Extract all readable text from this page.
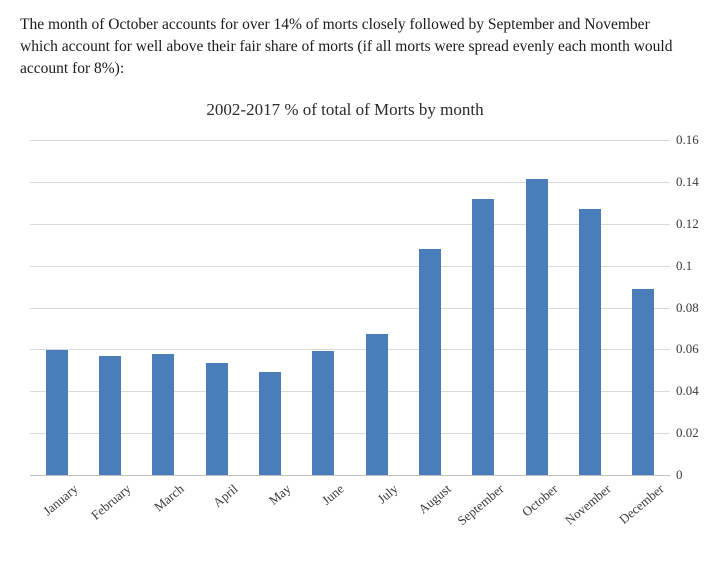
The month of October accounts for over 14% of morts closely followed by September and November which account for well above their fair share of morts (if all morts were spread evenly each month would account for 8%):
2002-2017 % of total of Morts by month
0
0.02
0.04
0.06
0.08
0.1
0.12
0.14
0.16
January February March April May June July August September October November December
